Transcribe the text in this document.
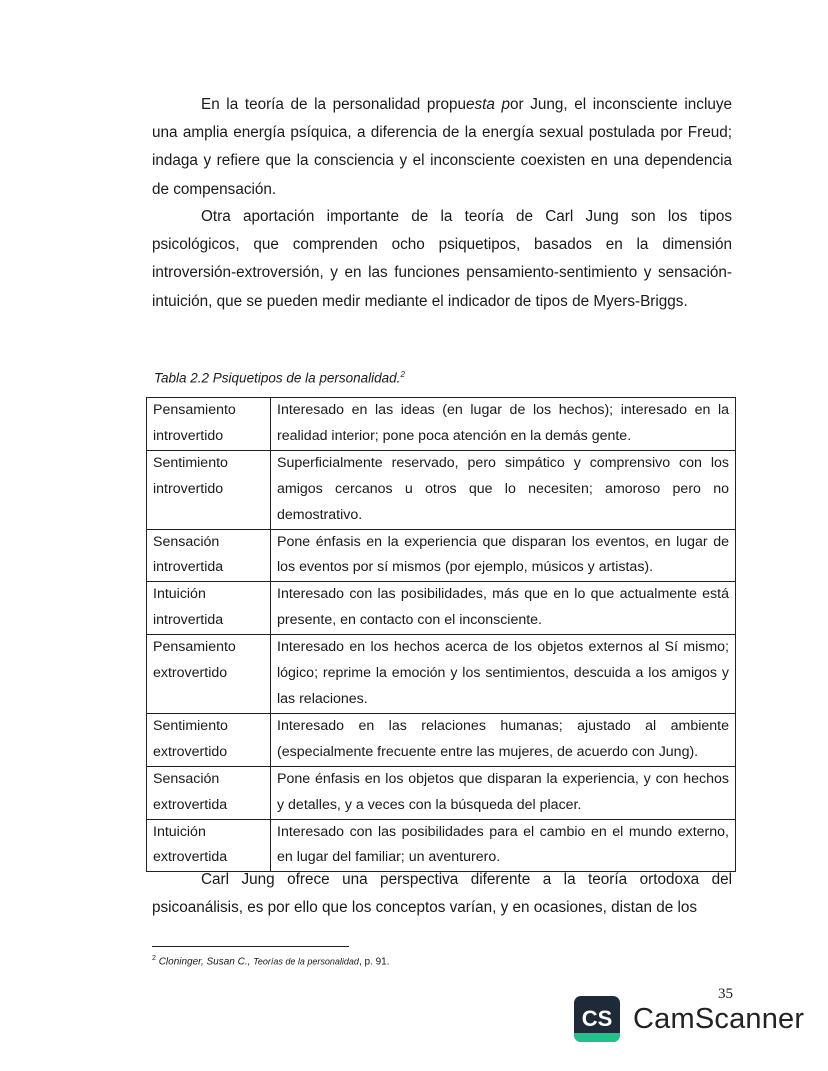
En la teoría de la personalidad propuesta por Jung, el inconsciente incluye una amplia energía psíquica, a diferencia de la energía sexual postulada por Freud; indaga y refiere que la consciencia y el inconsciente coexisten en una dependencia de compensación.

Otra aportación importante de la teoría de Carl Jung son los tipos psicológicos, que comprenden ocho psiquetipos, basados en la dimensión introversión-extroversión, y en las funciones pensamiento-sentimiento y sensación-intuición, que se pueden medir mediante el indicador de tipos de Myers-Briggs.

Tabla 2.2 Psiquetipos de la personalidad.$^2$
Pensamiento introvertido	Interesado en las ideas (en lugar de los hechos); interesado en la realidad interior; pone poca atención en la demás gente.
Sentimiento introvertido	Superficialmente reservado, pero simpático y comprensivo con los amigos cercanos u otros que lo necesiten; amoroso pero no demostrativo.
Sensación introvertida	Pone énfasis en la experiencia que disparan los eventos, en lugar de los eventos por sí mismos (por ejemplo, músicos y artistas).
Intuición introvertida	Interesado con las posibilidades, más que en lo que actualmente está presente, en contacto con el inconsciente.
Pensamiento extrovertido	Interesado en los hechos acerca de los objetos externos al Sí mismo; lógico; reprime la emoción y los sentimientos, descuida a los amigos y las relaciones.
Sentimiento extrovertido	Interesado en las relaciones humanas; ajustado al ambiente (especialmente frecuente entre las mujeres, de acuerdo con Jung).
Sensación extrovertida	Pone énfasis en los objetos que disparan la experiencia, y con hechos y detalles, y a veces con la búsqueda del placer.
Intuición extrovertida	Interesado con las posibilidades para el cambio en el mundo externo, en lugar del familiar; un aventurero.

Carl Jung ofrece una perspectiva diferente a la teoría ortodoxa del psicoanálisis, es por ello que los conceptos varían, y en ocasiones, distan de los

$^2$ Cloninger, Susan C., Teorías de la personalidad, p. 91.
35
CS CamScanner
